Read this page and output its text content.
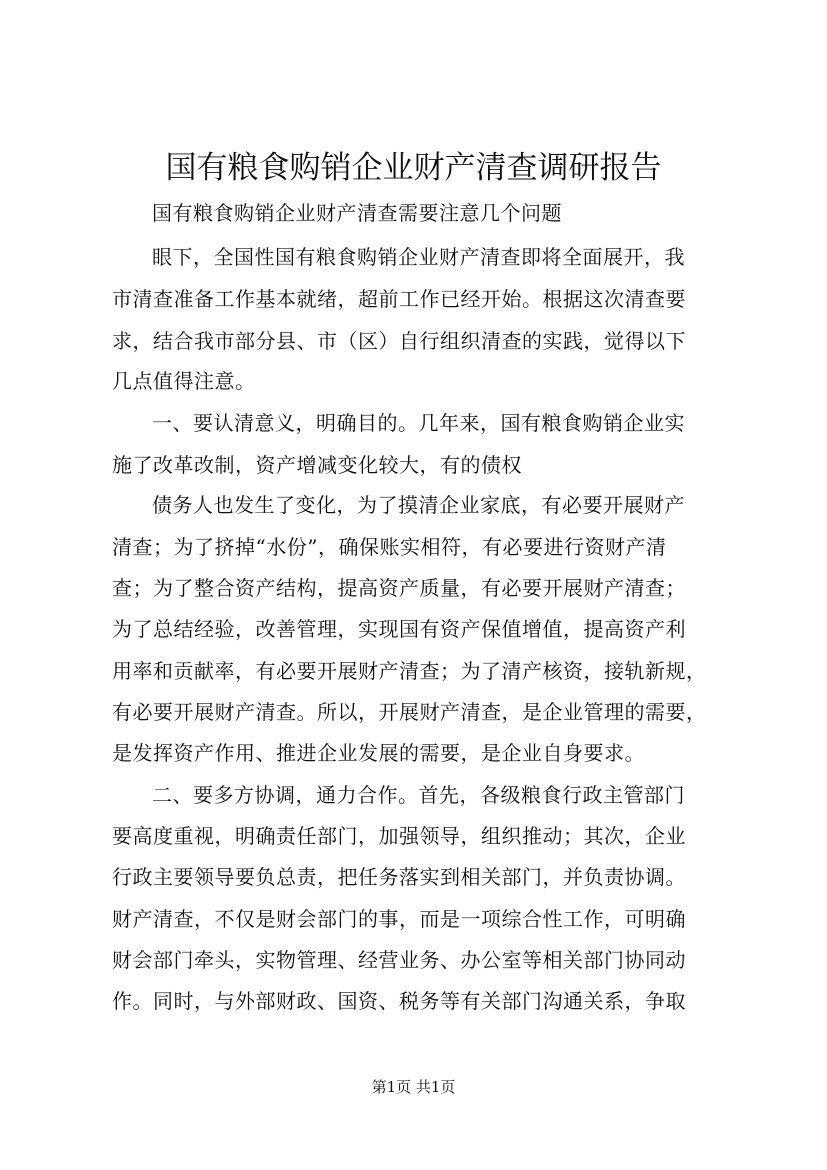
国有粮食购销企业财产清查调研报告
国有粮食购销企业财产清查需要注意几个问题
眼下，全国性国有粮食购销企业财产清查即将全面展开，我
市清查准备工作基本就绪，超前工作已经开始。根据这次清查要
求，结合我市部分县、市（区）自行组织清查的实践，觉得以下
几点值得注意。
一、要认清意义，明确目的。几年来，国有粮食购销企业实
施了改革改制，资产增减变化较大，有的债权
债务人也发生了变化，为了摸清企业家底，有必要开展财产
清查；为了挤掉“水份”，确保账实相符，有必要进行资财产清
查；为了整合资产结构，提高资产质量，有必要开展财产清查；
为了总结经验，改善管理，实现国有资产保值增值，提高资产利
用率和贡献率，有必要开展财产清查；为了清产核资，接轨新规，
有必要开展财产清查。所以，开展财产清查，是企业管理的需要，
是发挥资产作用、推进企业发展的需要，是企业自身要求。
二、要多方协调，通力合作。首先，各级粮食行政主管部门
要高度重视，明确责任部门，加强领导，组织推动；其次，企业
行政主要领导要负总责，把任务落实到相关部门，并负责协调。
财产清查，不仅是财会部门的事，而是一项综合性工作，可明确
财会部门牵头，实物管理、经营业务、办公室等相关部门协同动
作。同时，与外部财政、国资、税务等有关部门沟通关系，争取
第1页 共1页
